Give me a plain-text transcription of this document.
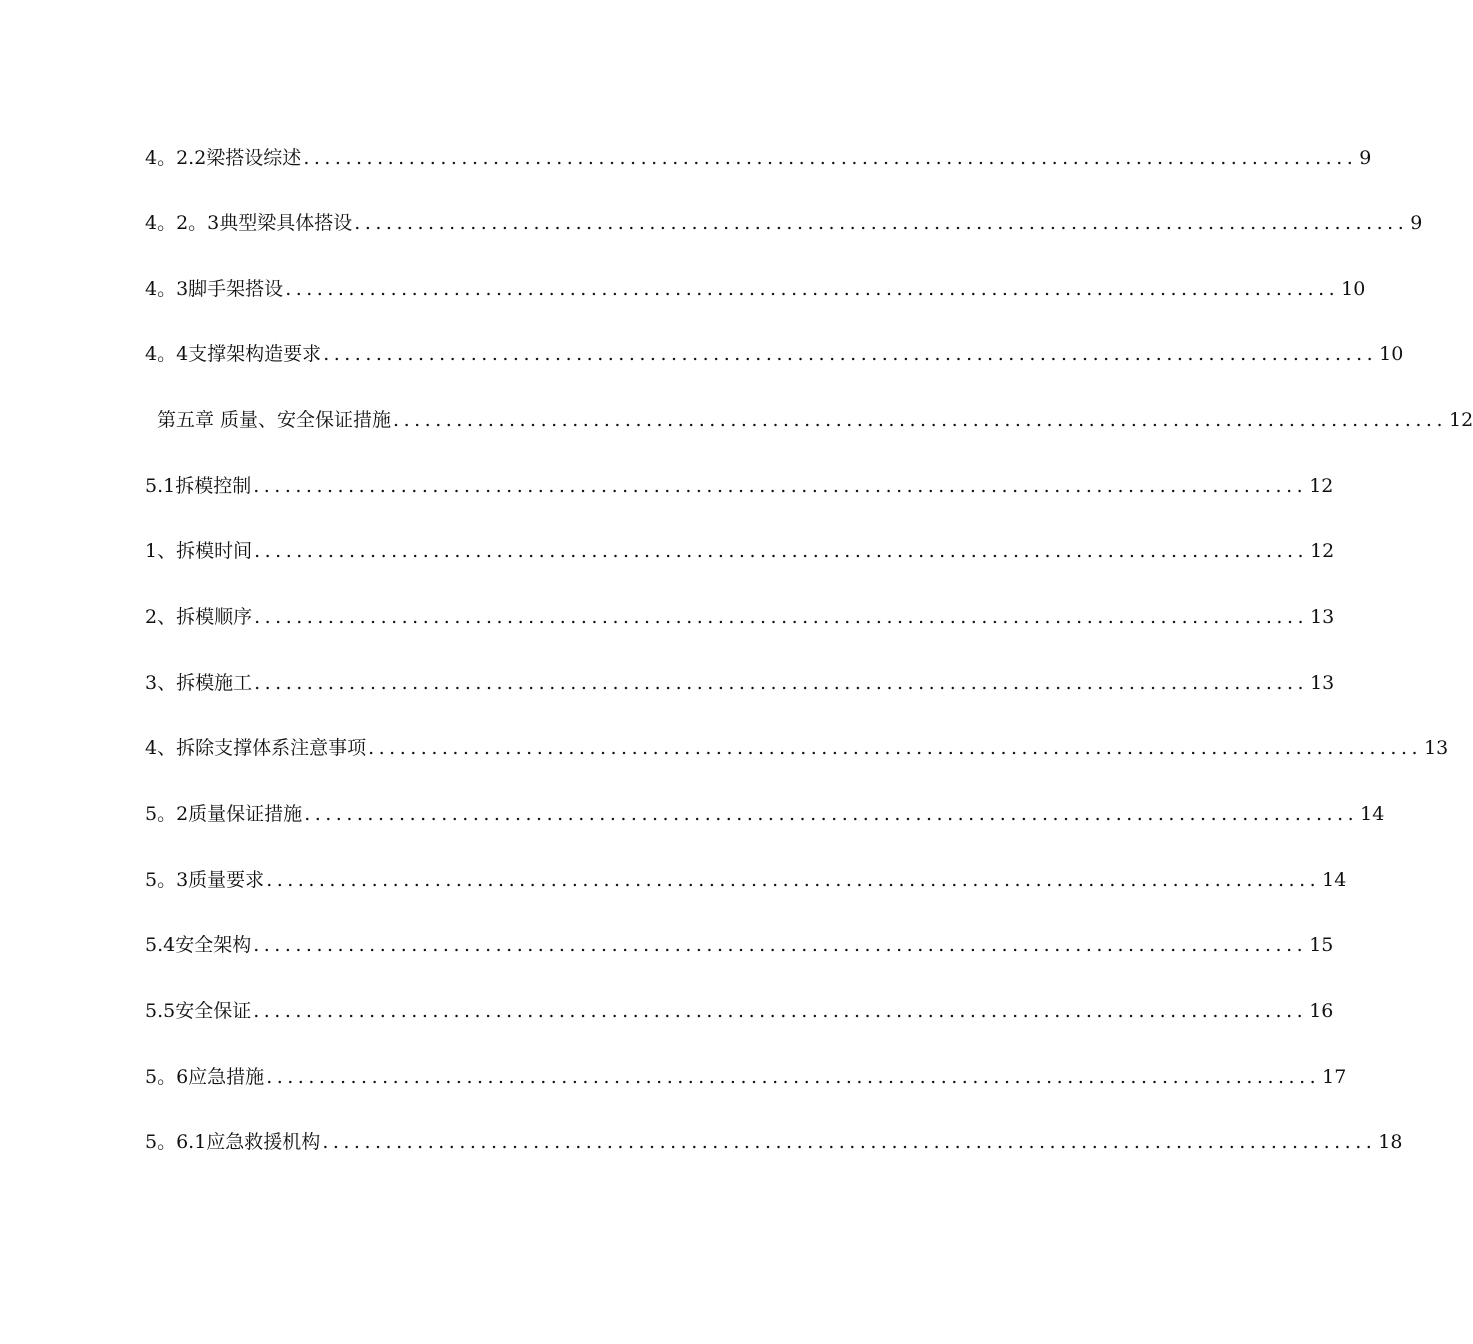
4。2.2梁搭设综述 .................................................................................................... 9
4。2。3典型梁具体搭设 .................................................................................................... 9
4。3脚手架搭设 .................................................................................................... 10
4。4支撑架构造要求 .................................................................................................... 10
第五章 质量、安全保证措施 .................................................................................................... 12
5.1拆模控制 .................................................................................................... 12
1、拆模时间 .................................................................................................... 12
2、拆模顺序 .................................................................................................... 13
3、拆模施工 .................................................................................................... 13
4、拆除支撑体系注意事项 .................................................................................................... 13
5。2质量保证措施 .................................................................................................... 14
5。3质量要求 .................................................................................................... 14
5.4安全架构 .................................................................................................... 15
5.5安全保证 .................................................................................................... 16
5。6应急措施 .................................................................................................... 17
5。6.1应急救援机构 .................................................................................................... 18
